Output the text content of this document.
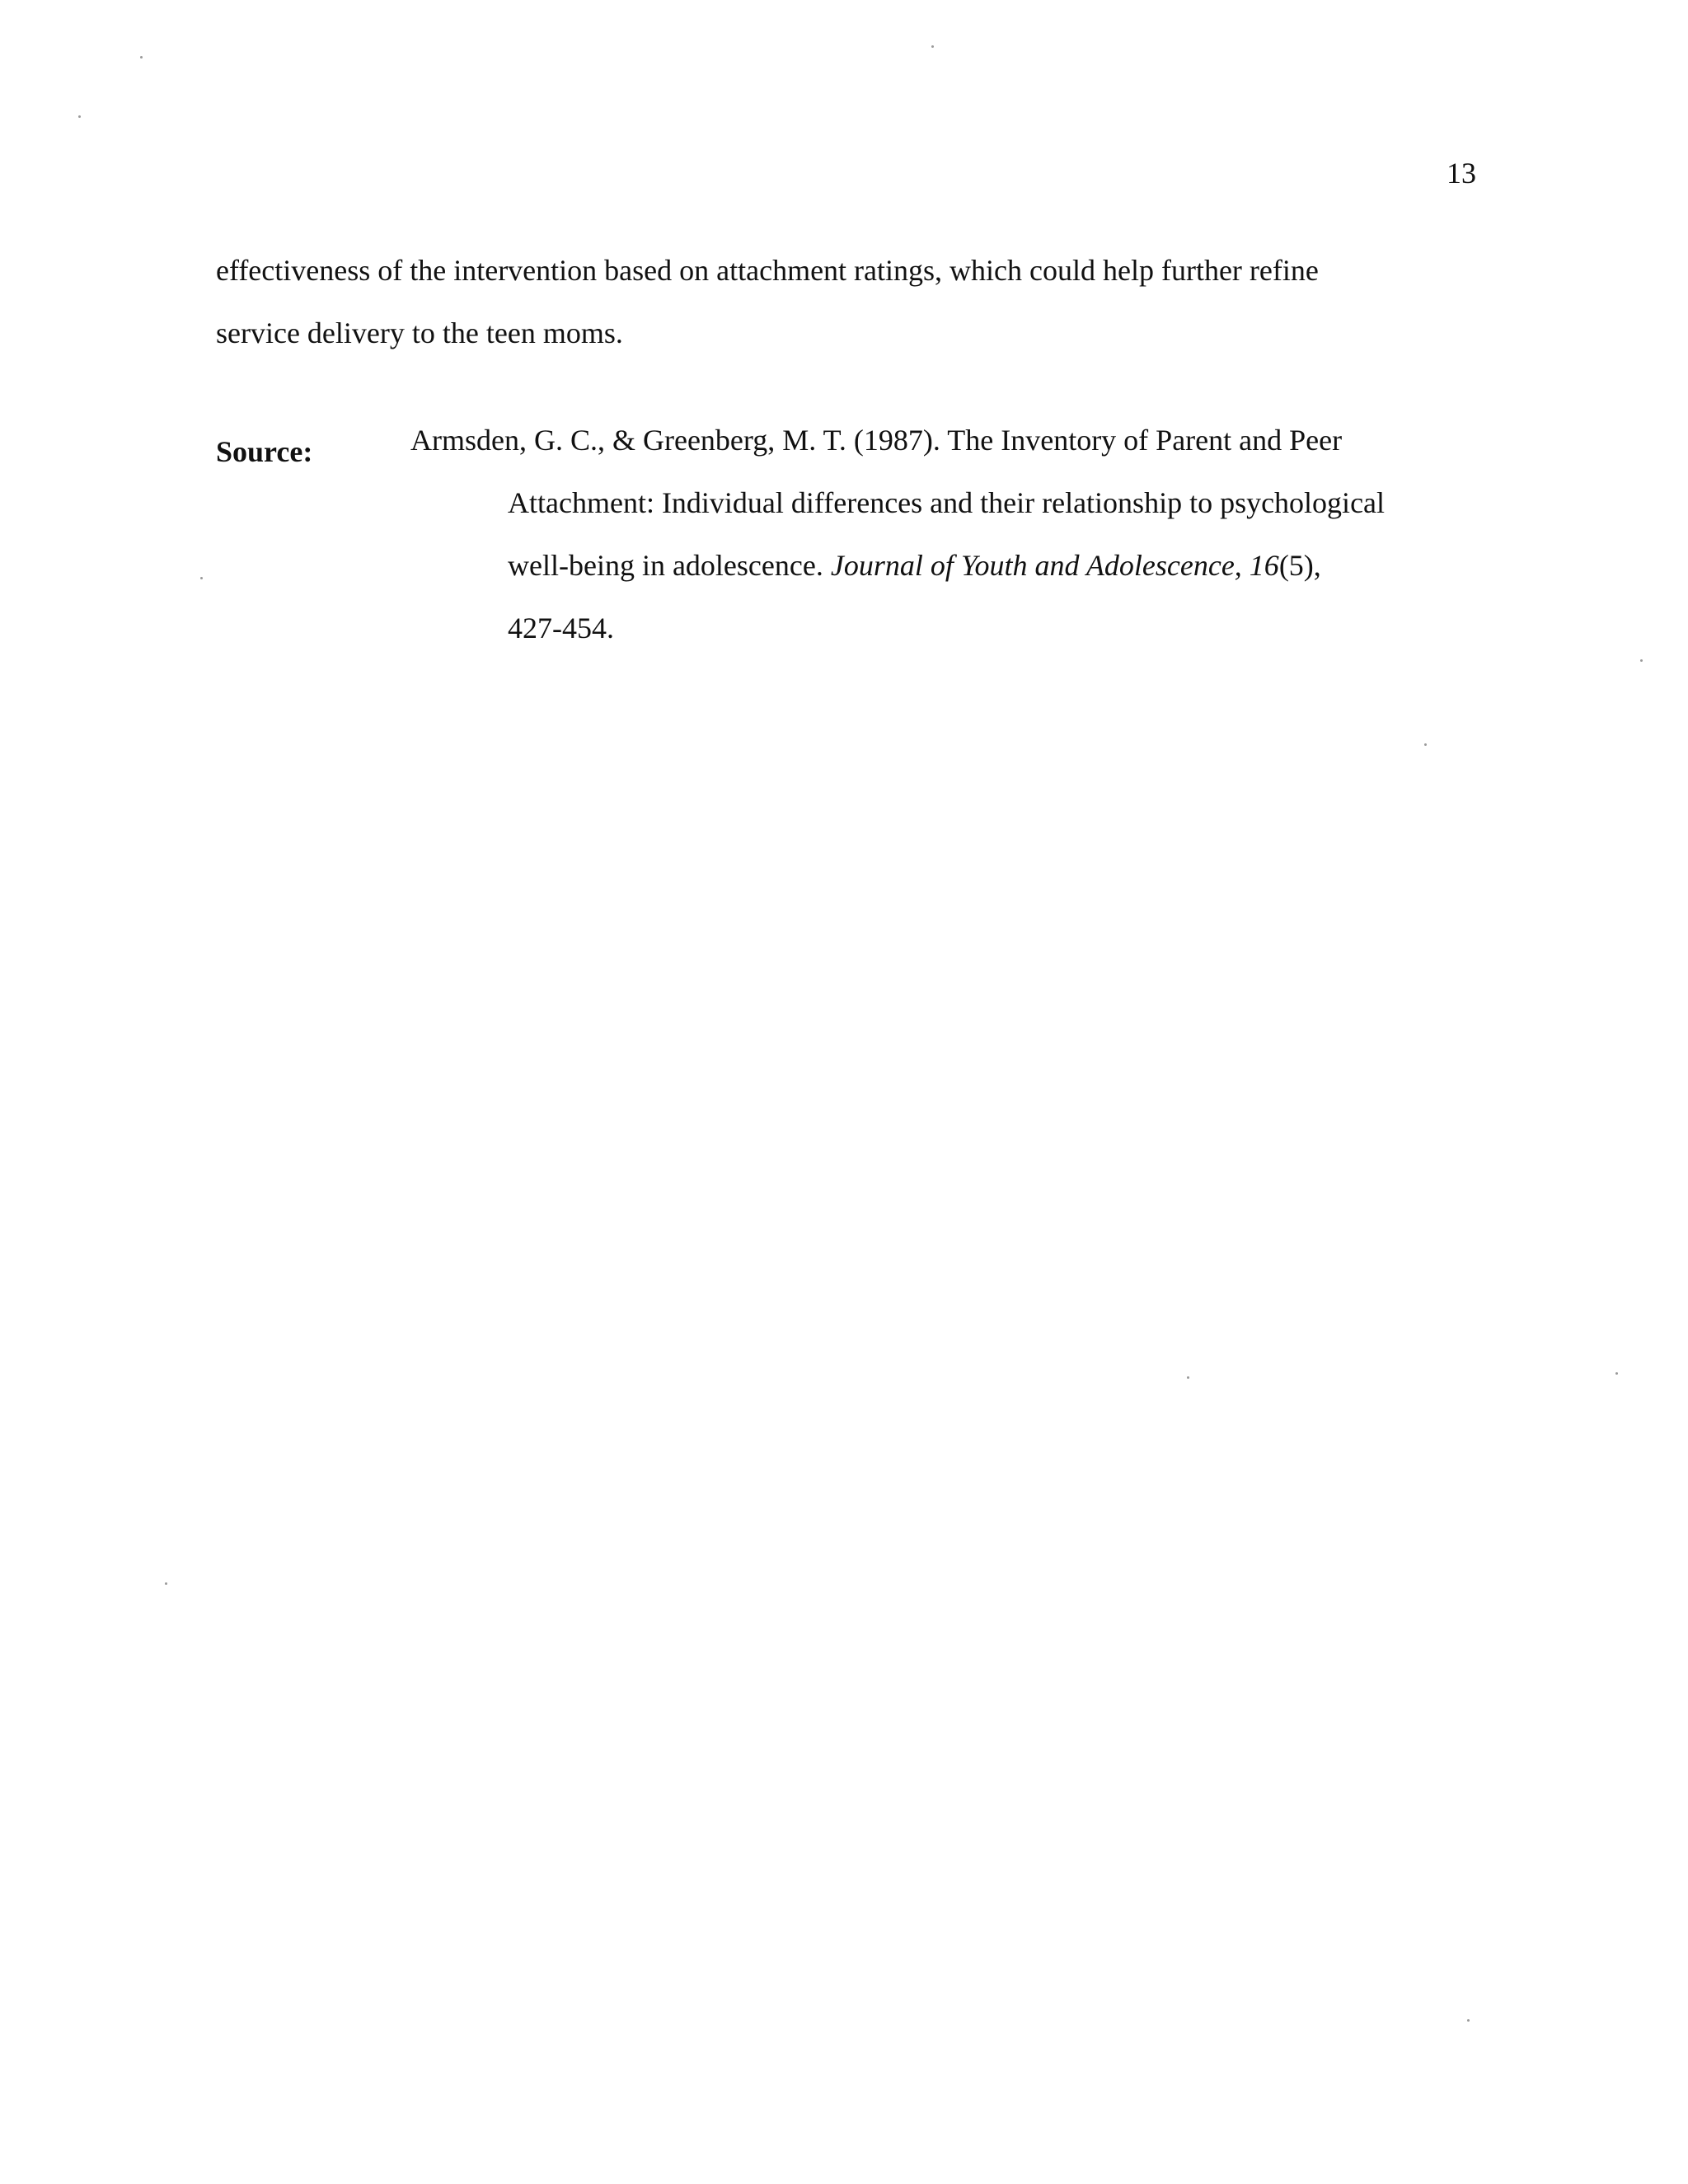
13
effectiveness of the intervention based on attachment ratings, which could help further refine
service delivery to the teen moms.
Source:	Armsden, G. C., & Greenberg, M. T. (1987). The Inventory of Parent and Peer
Attachment: Individual differences and their relationship to psychological
well-being in adolescence. Journal of Youth and Adolescence, 16(5),
427-454.
